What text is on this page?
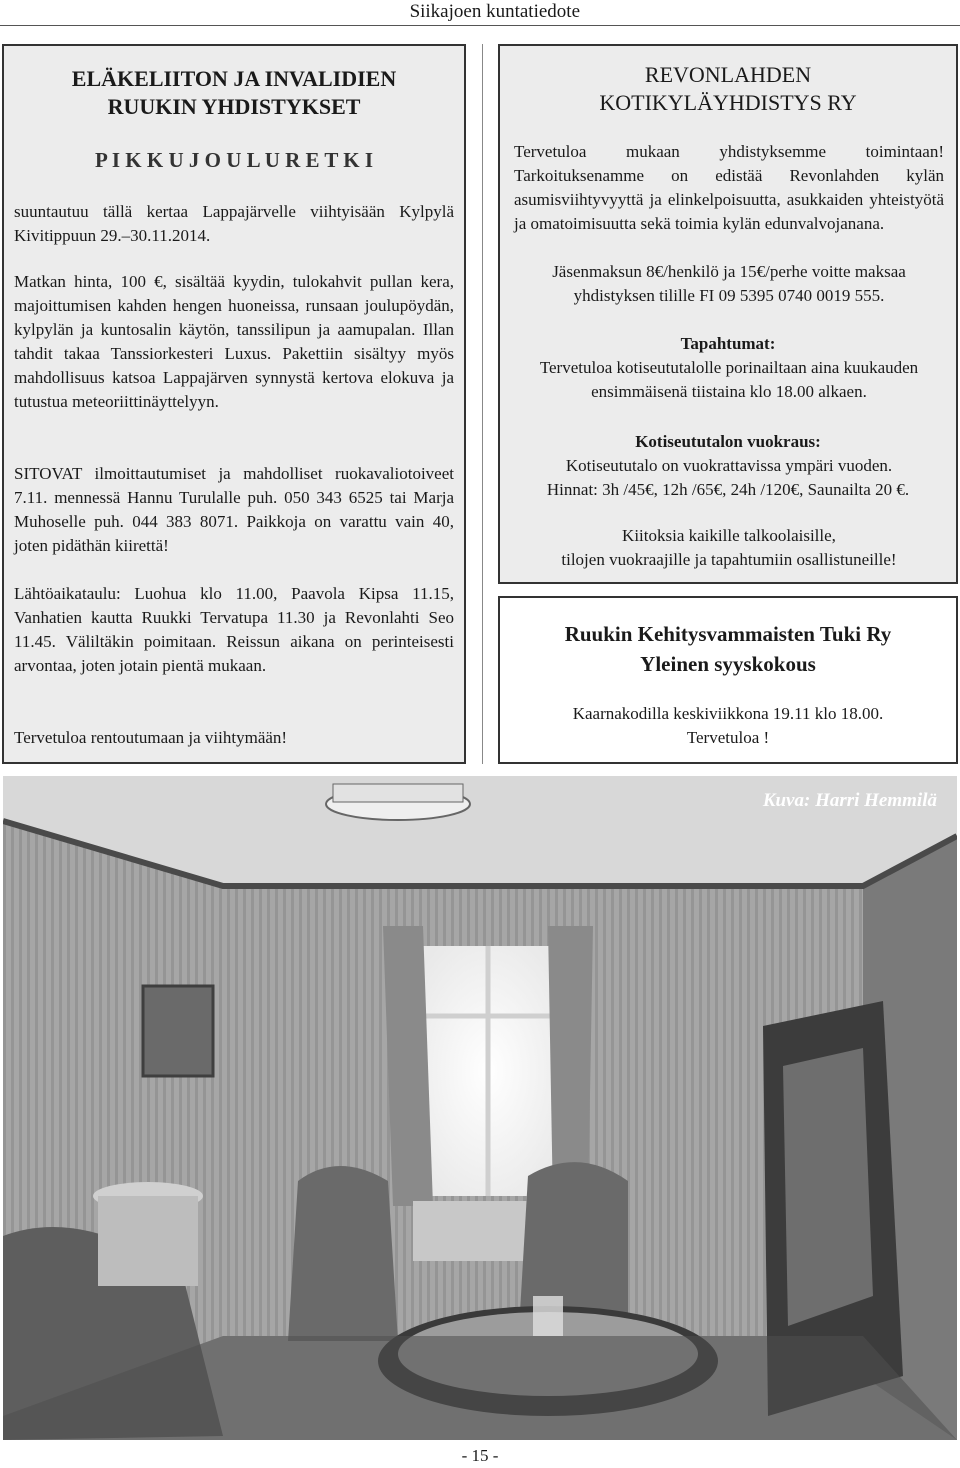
Siikajoen kuntatiedote
ELÄKELIITON JA INVALIDIEN
RUUKIN YHDISTYKSET
P I K K U J O U L U R E T K I

suuntautuu tällä kertaa Lappajärvelle viihtyisään Kylpylä Kivitippuun 29.–30.11.2014.

Matkan hinta, 100 €, sisältää kyydin, tulokahvit pullan kera, majoittumisen kahden hengen huoneissa, runsaan joulupöydän, kylpylän ja kuntosalin käytön, tanssilipun ja aamupalan. Illan tahdit takaa Tanssiorkesteri Luxus. Pakettiin sisältyy myös mahdollisuus katsoa Lappajärven synnystä kertova elokuva ja tutustua meteoriittinäyttelyyn.

SITOVAT ilmoittautumiset ja mahdolliset ruokavaliotoiveet 7.11. mennessä Hannu Turulalle puh. 050 343 6525 tai Marja Muhoselle puh. 044 383 8071. Paikkoja on varattu vain 40, joten pidäthän kiirettä!

Lähtöaikataulu: Luohua klo 11.00, Paavola Kipsa 11.15, Vanhatien kautta Ruukki Tervatupa 11.30 ja Revonlahti Seo 11.45. Väliltäkin poimitaan. Reissun aikana on perinteisesti arvontaa, joten jotain pientä mukaan.

Tervetuloa rentoutumaan ja viihtymään!

REVONLAHDEN
KOTIKYLÄYHDISTYS RY

Tervetuloa mukaan yhdistyksemme toimintaan! Tarkoituksenamme on edistää Revonlahden kylän asumisviihtyvyyttä ja elinkelpoisuutta, asukkaiden yhteistyötä ja omatoimisuutta sekä toimia kylän edunvalvojanana.

Jäsenmaksun 8€/henkilö ja 15€/perhe voitte maksaa yhdistyksen tilille FI 09 5395 0740 0019 555.

Tapahtumat:

Tervetuloa kotiseututalolle porinailtaan aina kuukauden ensimmäisenä tiistaina klo 18.00 alkaen.

Kotiseututalon vuokraus:

Kotiseututalo on vuokrattavissa ympäri vuoden.

Hinnat: 3h /45€, 12h /65€, 24h /120€, Saunailta 20 €.

Kiitoksia kaikille talkoolaisille,

tilojen vuokraajille ja tapahtumiin osallistuneille!

Ruukin Kehitysvammaisten Tuki Ry
Yleinen syyskokous

Kaarnakodilla keskiviikkona 19.11 klo 18.00.

Tervetuloa !

Kuva: Harri Hemmilä
- 15 -
